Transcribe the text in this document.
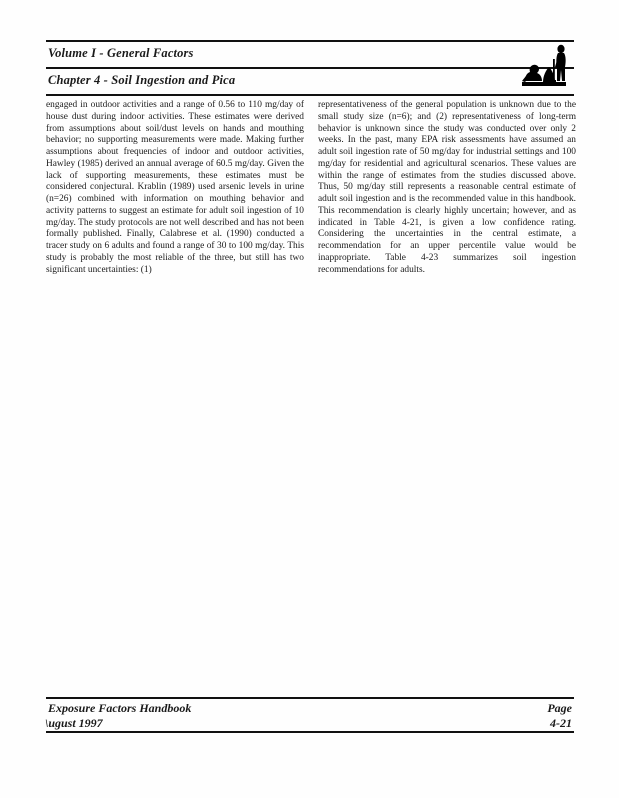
Volume I - General Factors
Chapter 4 - Soil Ingestion and Pica

engaged in outdoor activities and a range of 0.56 to 110 mg/day of house dust during indoor activities. These estimates were derived from assumptions about soil/dust levels on hands and mouthing behavior; no supporting measurements were made. Making further assumptions about frequencies of indoor and outdoor activities, Hawley (1985) derived an annual average of 60.5 mg/day. Given the lack of supporting measurements, these estimates must be considered conjectural. Krablin (1989) used arsenic levels in urine (n=26) combined with information on mouthing behavior and activity patterns to suggest an estimate for adult soil ingestion of 10 mg/day. The study protocols are not well described and has not been formally published. Finally, Calabrese et al. (1990) conducted a tracer study on 6 adults and found a range of 30 to 100 mg/day. This study is probably the most reliable of the three, but still has two significant uncertainties: (1)

representativeness of the general population is unknown due to the small study size (n=6); and (2) representativeness of long-term behavior is unknown since the study was conducted over only 2 weeks. In the past, many EPA risk assessments have assumed an adult soil ingestion rate of 50 mg/day for industrial settings and 100 mg/day for residential and agricultural scenarios. These values are within the range of estimates from the studies discussed above. Thus, 50 mg/day still represents a reasonable central estimate of adult soil ingestion and is the recommended value in this handbook. This recommendation is clearly highly uncertain; however, and as indicated in Table 4-21, is given a low confidence rating. Considering the uncertainties in the central estimate, a recommendation for an upper percentile value would be inappropriate. Table 4-23 summarizes soil ingestion recommendations for adults.

Exposure Factors Handbook
\ugust 1997
Page
4-21
